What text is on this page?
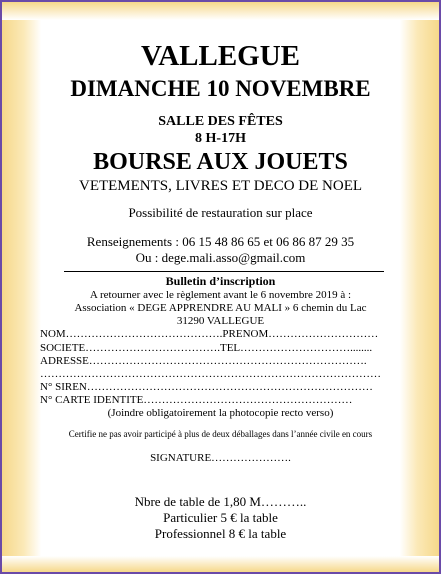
VALLEGUE
DIMANCHE 10 NOVEMBRE
SALLE DES FÊTES
8 H-17H
BOURSE AUX JOUETS
VETEMENTS, LIVRES ET DECO DE NOEL
Possibilité de restauration sur place
Renseignements : 06 15 48 86 65 et 06 86 87 29 35
Ou : dege.mali.asso@gmail.com
Bulletin d’inscription
A retourner avec le règlement avant le 6 novembre 2019 à :
Association « DEGE APPRENDRE AU MALI » 6 chemin du Lac
31290 VALLEGUE
NOM…………………………………….PRENOM…………………………
SOCIETE……………………………….TEL…………………………........
ADRESSE………………………………………………………………….
…………………………………………………………………………………
N° SIREN……………………………………………………………………
N° CARTE IDENTITE…………………………………………………
(Joindre obligatoirement la photocopie recto verso)
Certifie ne pas avoir participé à plus de deux déballages dans l’année civile en cours
SIGNATURE………………….
Nbre de table de 1,80 M………..
Particulier 5 € la table
Professionnel 8 € la table
